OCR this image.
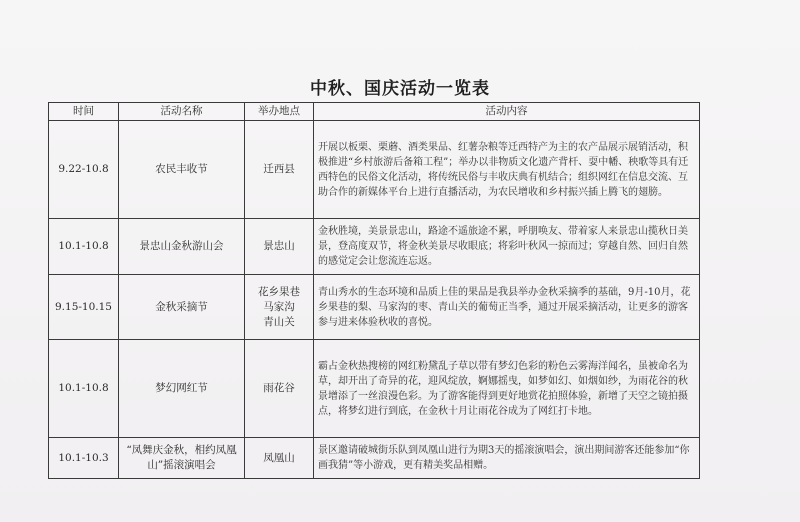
中秋、国庆活动一览表
时间	活动名称	举办地点	活动内容
9.22-10.8	农民丰收节	迁西县	开展以板栗、栗蘑、酒类果品、红薯杂粮等迁西特产为主的农产品展示展销活动，积极推进“乡村旅游后备箱工程”；举办以非物质文化遗产背杆、耍中幡、秧歌等具有迁西特色的民俗文化活动，将传统民俗与丰收庆典有机结合；组织网红在信息交流、互助合作的新媒体平台上进行直播活动，为农民增收和乡村振兴插上腾飞的翅膀。
10.1-10.8	景忠山金秋游山会	景忠山	金秋胜境，美景景忠山，路途不遥旅途不累，呼朋唤友、带着家人来景忠山揽秋日美景，登高度双节，将金秋美景尽收眼底；将彩叶秋风一掠而过；穿越自然、回归自然的感觉定会让您流连忘返。
9.15-10.15	金秋采摘节	花乡果巷
马家沟
青山关	青山秀水的生态环境和品质上佳的果品是我县举办金秋采摘季的基础，9月-10月，花乡果巷的梨、马家沟的枣、青山关的葡萄正当季，通过开展采摘活动，让更多的游客参与进来体验秋收的喜悦。
10.1-10.8	梦幻网红节	雨花谷	霸占金秋热搜榜的网红粉黛乱子草以带有梦幻色彩的粉色云雾海洋闻名，虽被命名为草，却开出了奇异的花，迎风绽放，婀娜摇曳，如梦如幻、如烟如纱，为雨花谷的秋景增添了一丝浪漫色彩。为了游客能得到更好地赏花拍照体验，新增了天空之镜拍摄点，将梦幻进行到底，在金秋十月让雨花谷成为了网红打卡地。
10.1-10.3	“凤舞庆金秋，相约凤凰山”摇滚演唱会	凤凰山	景区邀请破城街乐队到凤凰山进行为期3天的摇滚演唱会，演出期间游客还能参加“你画我猜”等小游戏，更有精美奖品相赠。
